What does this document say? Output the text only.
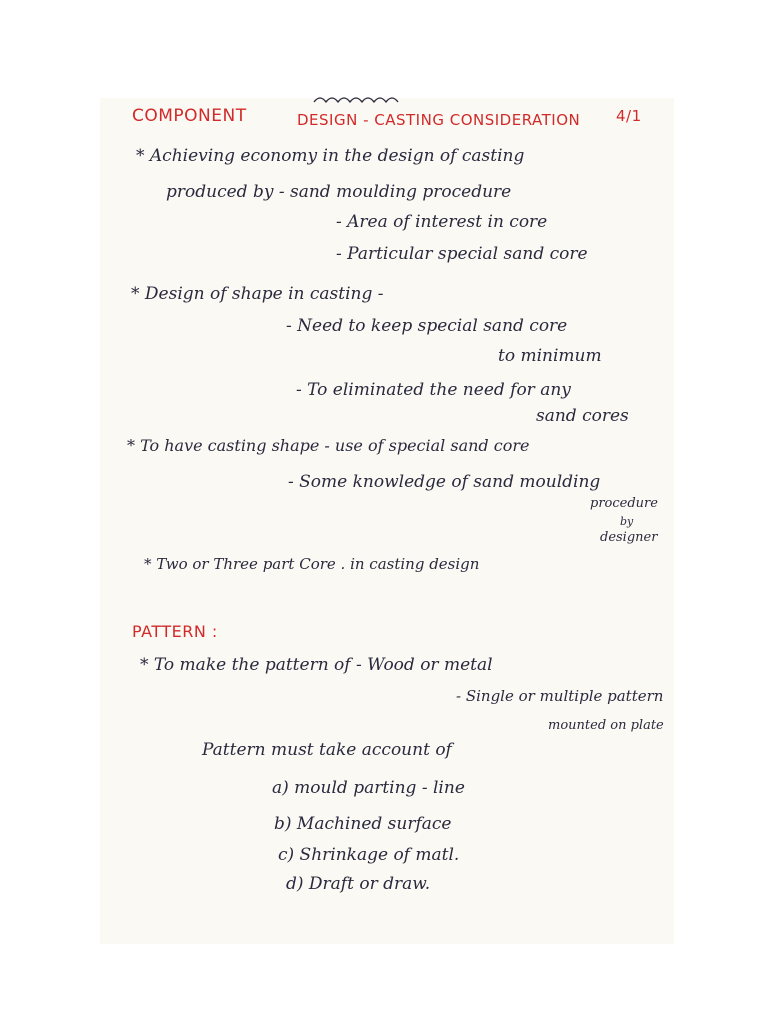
COMPONENT	DESIGN - CASTING CONSIDERATION 4/1
* Achieving economy in the design of casting
produced by - sand moulding procedure
- Area of interest in core
- Particular special sand core
* Design of shape in casting -
- Need to keep special sand core
to minimum
- To eliminated the need for any
sand cores
* To have casting shape - use of special sand core
- Some knowledge of sand moulding
procedure
by
designer
* Two or Three part Core . in casting design
PATTERN :
* To make the pattern of - Wood or metal
- Single or multiple pattern
mounted on plate
Pattern must take account of
a) mould parting - line
b) Machined surface
c) Shrinkage of matl.
d) Draft or draw.
